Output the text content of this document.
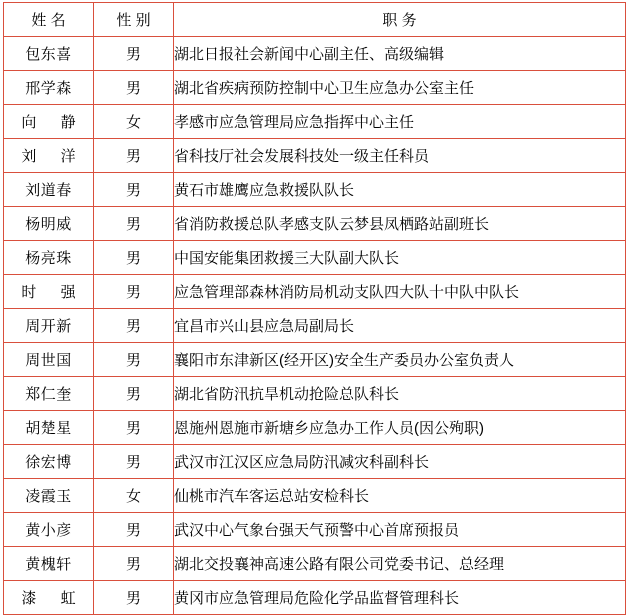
姓 名	性 别	职 务
包东喜	男	湖北日报社会新闻中心副主任、高级编辑
邢学森	男	湖北省疾病预防控制中心卫生应急办公室主任
向 静	女	孝感市应急管理局应急指挥中心主任
刘 洋	男	省科技厅社会发展科技处一级主任科员
刘道春	男	黄石市雄鹰应急救援队队长
杨明威	男	省消防救援总队孝感支队云梦县凤栖路站副班长
杨亮珠	男	中国安能集团救援三大队副大队长
时 强	男	应急管理部森林消防局机动支队四大队十中队中队长
周开新	男	宜昌市兴山县应急局副局长
周世国	男	襄阳市东津新区(经开区)安全生产委员办公室负责人
郑仁奎	男	湖北省防汛抗旱机动抢险总队科长
胡楚星	男	恩施州恩施市新塘乡应急办工作人员(因公殉职)
徐宏博	男	武汉市江汉区应急局防汛减灾科副科长
凌霞玉	女	仙桃市汽车客运总站安检科长
黄小彦	男	武汉中心气象台强天气预警中心首席预报员
黄槐轩	男	湖北交投襄神高速公路有限公司党委书记、总经理
漆 虹	男	黄冈市应急管理局危险化学品监督管理科长
